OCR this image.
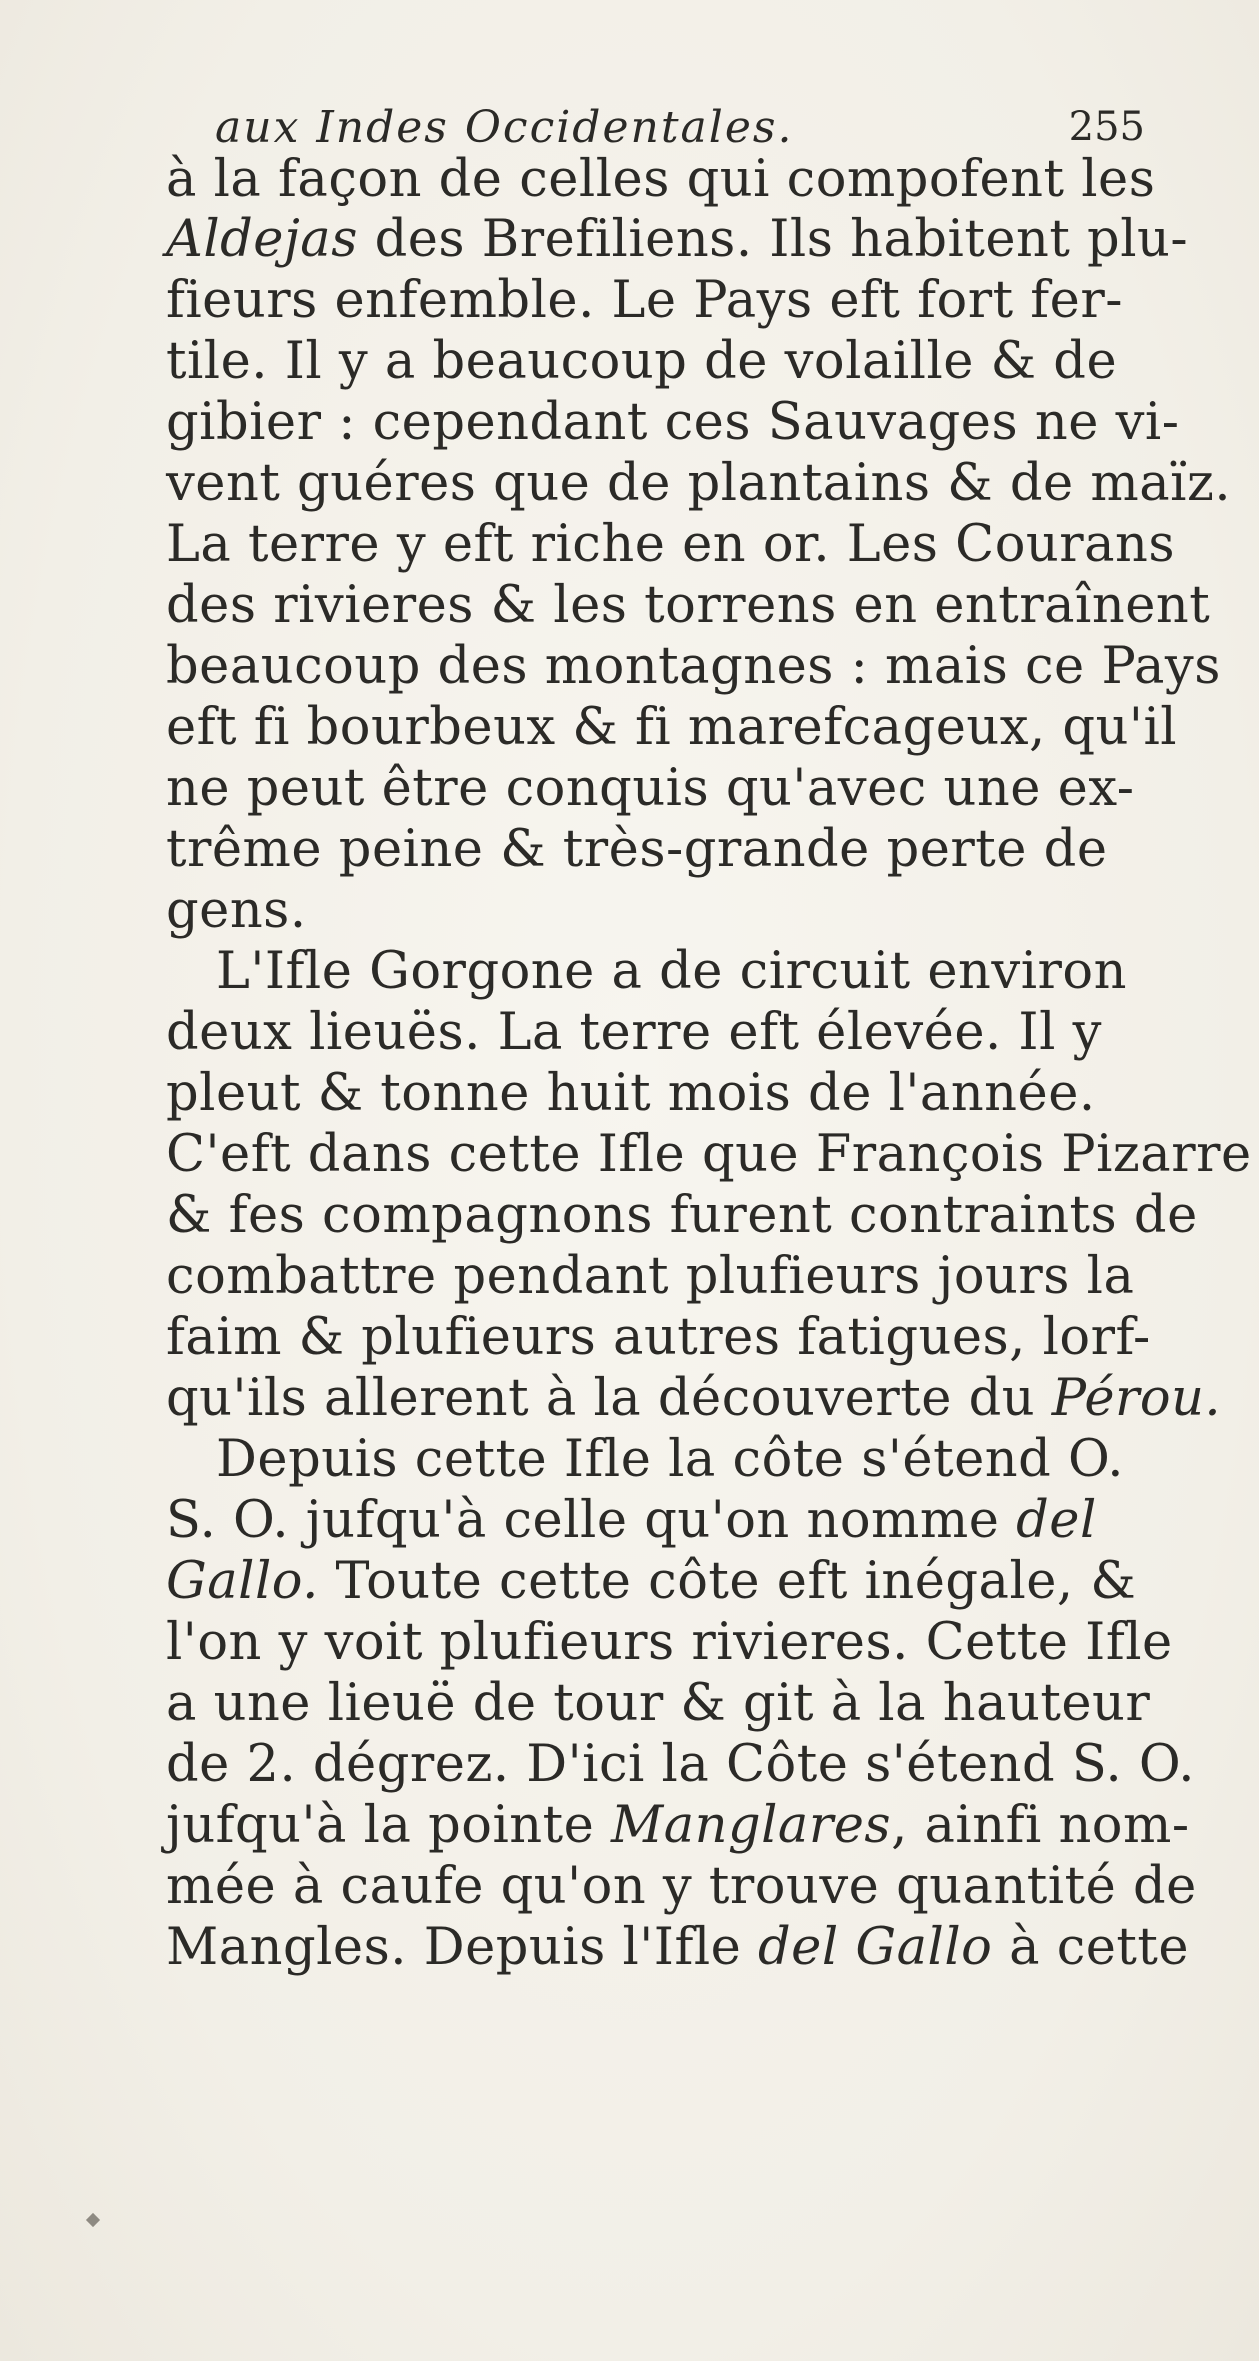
aux Indes Occidentales.	255
à la façon de celles qui compofent les
Aldejas des Brefiliens. Ils habitent plu-
fieurs enfemble. Le Pays eft fort fer-
tile. Il y a beaucoup de volaille & de
gibier : cependant ces Sauvages ne vi-
vent guéres que de plantains & de maïz.
La terre y eft riche en or. Les Courans
des rivieres & les torrens en entraînent
beaucoup des montagnes : mais ce Pays
eft fi bourbeux & fi marefcageux, qu'il
ne peut être conquis qu'avec une ex-
trême peine & très-grande perte de
gens.
L'Ifle Gorgone a de circuit environ
deux lieuës. La terre eft élevée. Il y
pleut & tonne huit mois de l'année.
C'eft dans cette Ifle que François Pizarre
& fes compagnons furent contraints de
combattre pendant plufieurs jours la
faim & plufieurs autres fatigues, lorf-
qu'ils allerent à la découverte du Pérou.
Depuis cette Ifle la côte s'étend O.
S. O. jufqu'à celle qu'on nomme del
Gallo. Toute cette côte eft inégale, &
l'on y voit plufieurs rivieres. Cette Ifle
a une lieuë de tour & git à la hauteur
de 2. dégrez. D'ici la Côte s'étend S. O.
jufqu'à la pointe Manglares, ainfi nom-
mée à caufe qu'on y trouve quantité de
Mangles. Depuis l'Ifle del Gallo à cette
